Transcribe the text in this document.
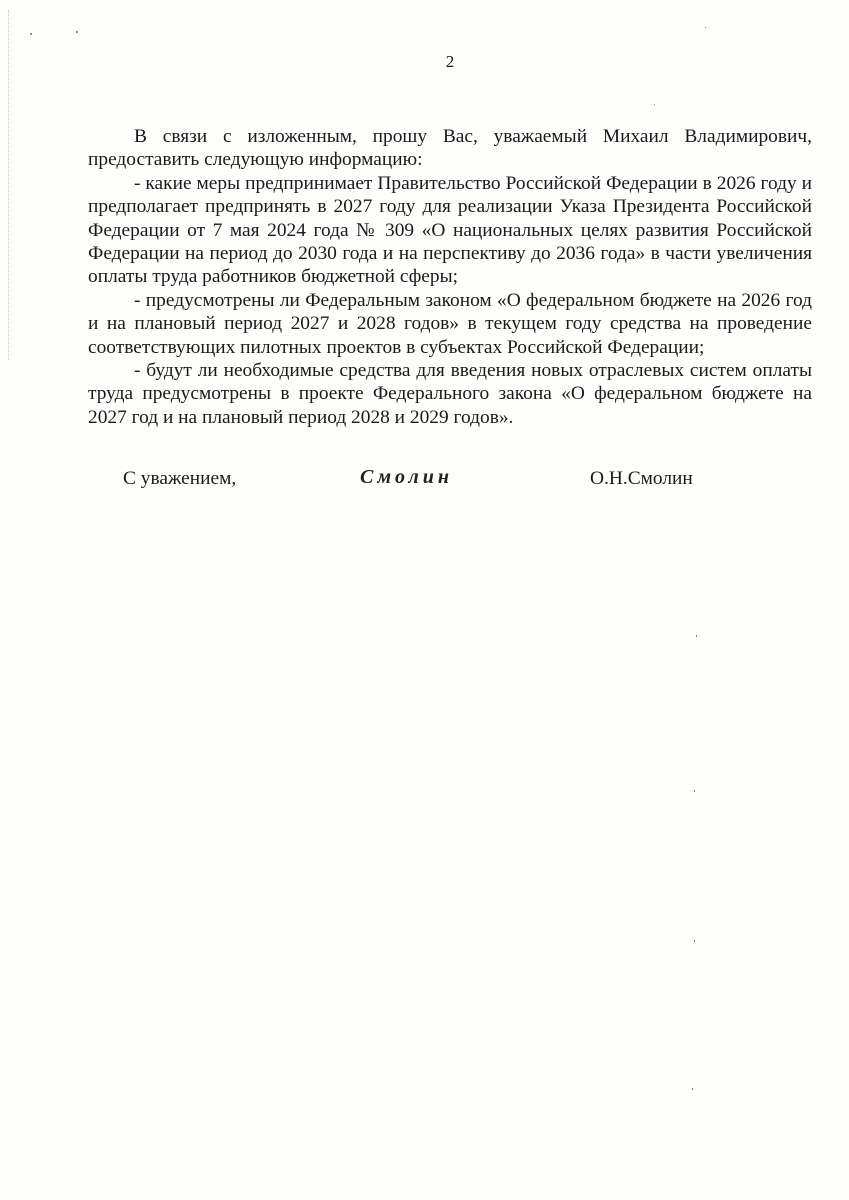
2

В связи с изложенным, прошу Вас, уважаемый Михаил Владимирович, предоставить следующую информацию:

- какие меры предпринимает Правительство Российской Федерации в 2026 году и предполагает предпринять в 2027 году для реализации Указа Президента Российской Федерации от 7 мая 2024 года № 309 «О национальных целях развития Российской Федерации на период до 2030 года и на перспективу до 2036 года» в части увеличения оплаты труда работников бюджетной сферы;

- предусмотрены ли Федеральным законом «О федеральном бюджете на 2026 год и на плановый период 2027 и 2028 годов» в текущем году средства на проведение соответствующих пилотных проектов в субъектах Российской Федерации;

- будут ли необходимые средства для введения новых отраслевых систем оплаты труда предусмотрены в проекте Федерального закона «О федеральном бюджете на 2027 год и на плановый период 2028 и 2029 годов».

С уважением,	Смолин	О.Н.Смолин
